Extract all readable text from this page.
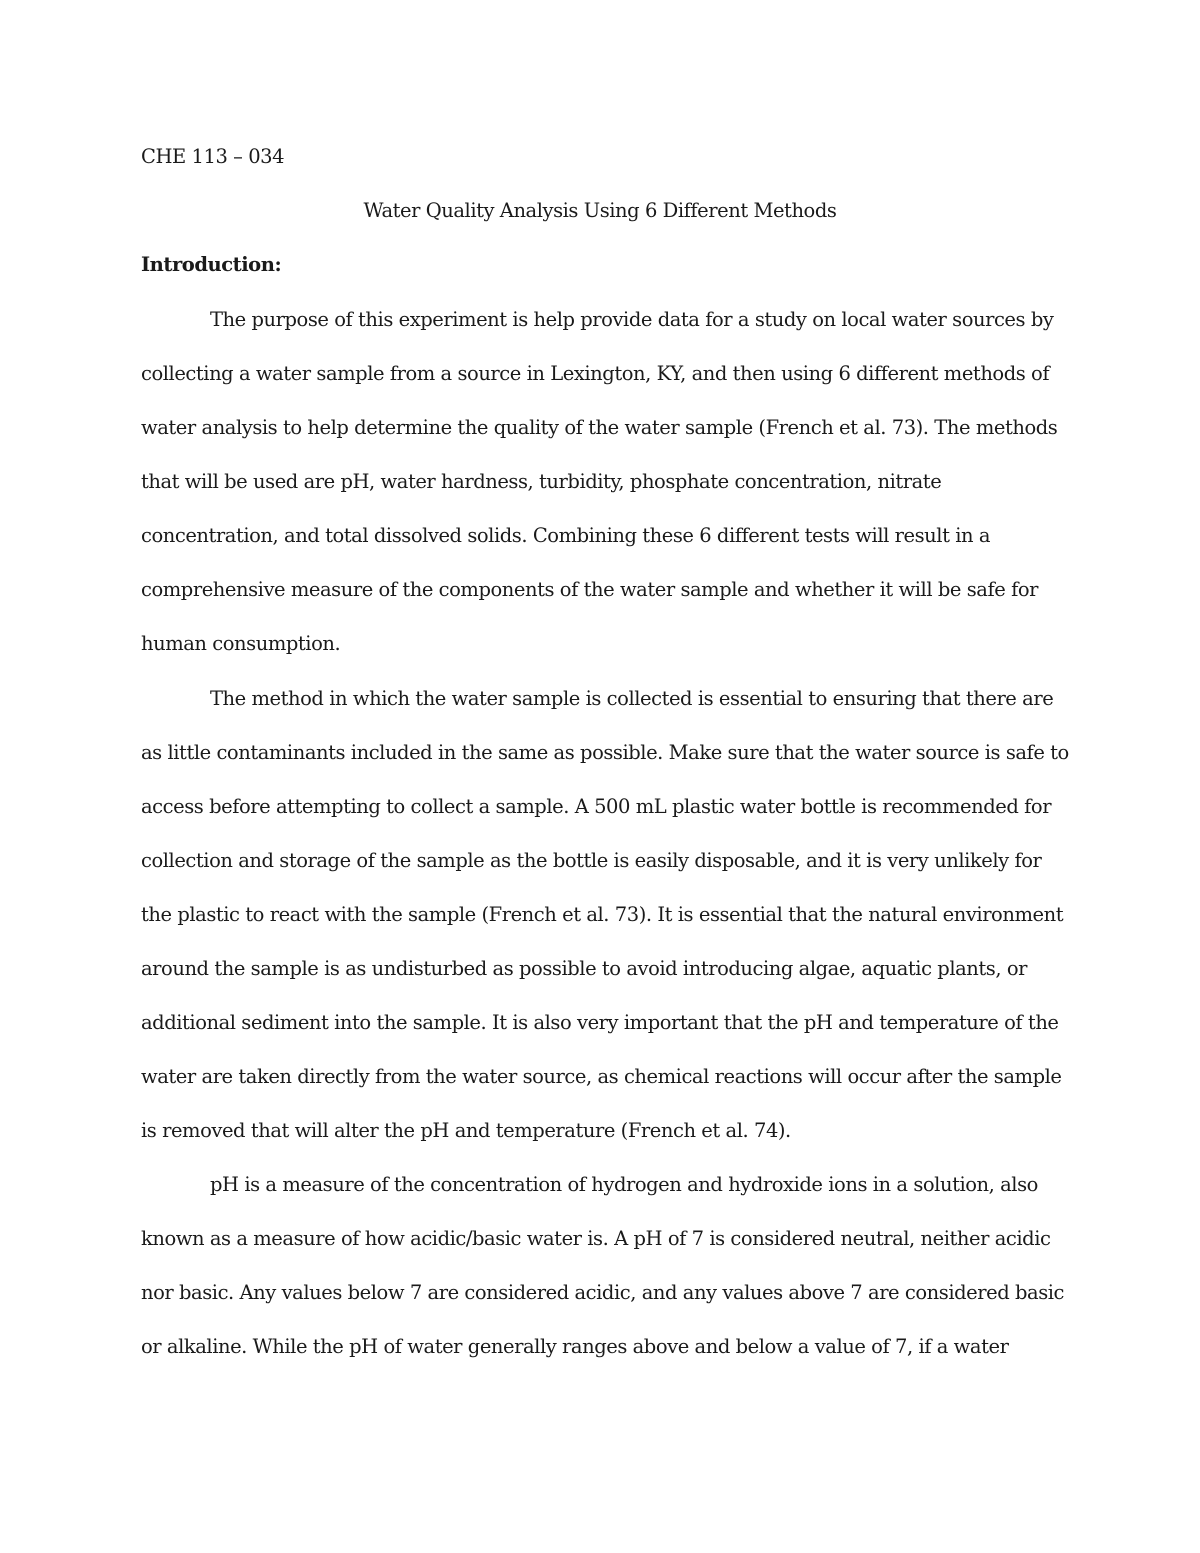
CHE 113 – 034
Water Quality Analysis Using 6 Different Methods
Introduction:
The purpose of this experiment is help provide data for a study on local water sources by
collecting a water sample from a source in Lexington, KY, and then using 6 different methods of
water analysis to help determine the quality of the water sample (French et al. 73). The methods
that will be used are pH, water hardness, turbidity, phosphate concentration, nitrate
concentration, and total dissolved solids. Combining these 6 different tests will result in a
comprehensive measure of the components of the water sample and whether it will be safe for
human consumption.
The method in which the water sample is collected is essential to ensuring that there are
as little contaminants included in the same as possible. Make sure that the water source is safe to
access before attempting to collect a sample. A 500 mL plastic water bottle is recommended for
collection and storage of the sample as the bottle is easily disposable, and it is very unlikely for
the plastic to react with the sample (French et al. 73). It is essential that the natural environment
around the sample is as undisturbed as possible to avoid introducing algae, aquatic plants, or
additional sediment into the sample. It is also very important that the pH and temperature of the
water are taken directly from the water source, as chemical reactions will occur after the sample
is removed that will alter the pH and temperature (French et al. 74).
pH is a measure of the concentration of hydrogen and hydroxide ions in a solution, also
known as a measure of how acidic/basic water is. A pH of 7 is considered neutral, neither acidic
nor basic. Any values below 7 are considered acidic, and any values above 7 are considered basic
or alkaline. While the pH of water generally ranges above and below a value of 7, if a water
